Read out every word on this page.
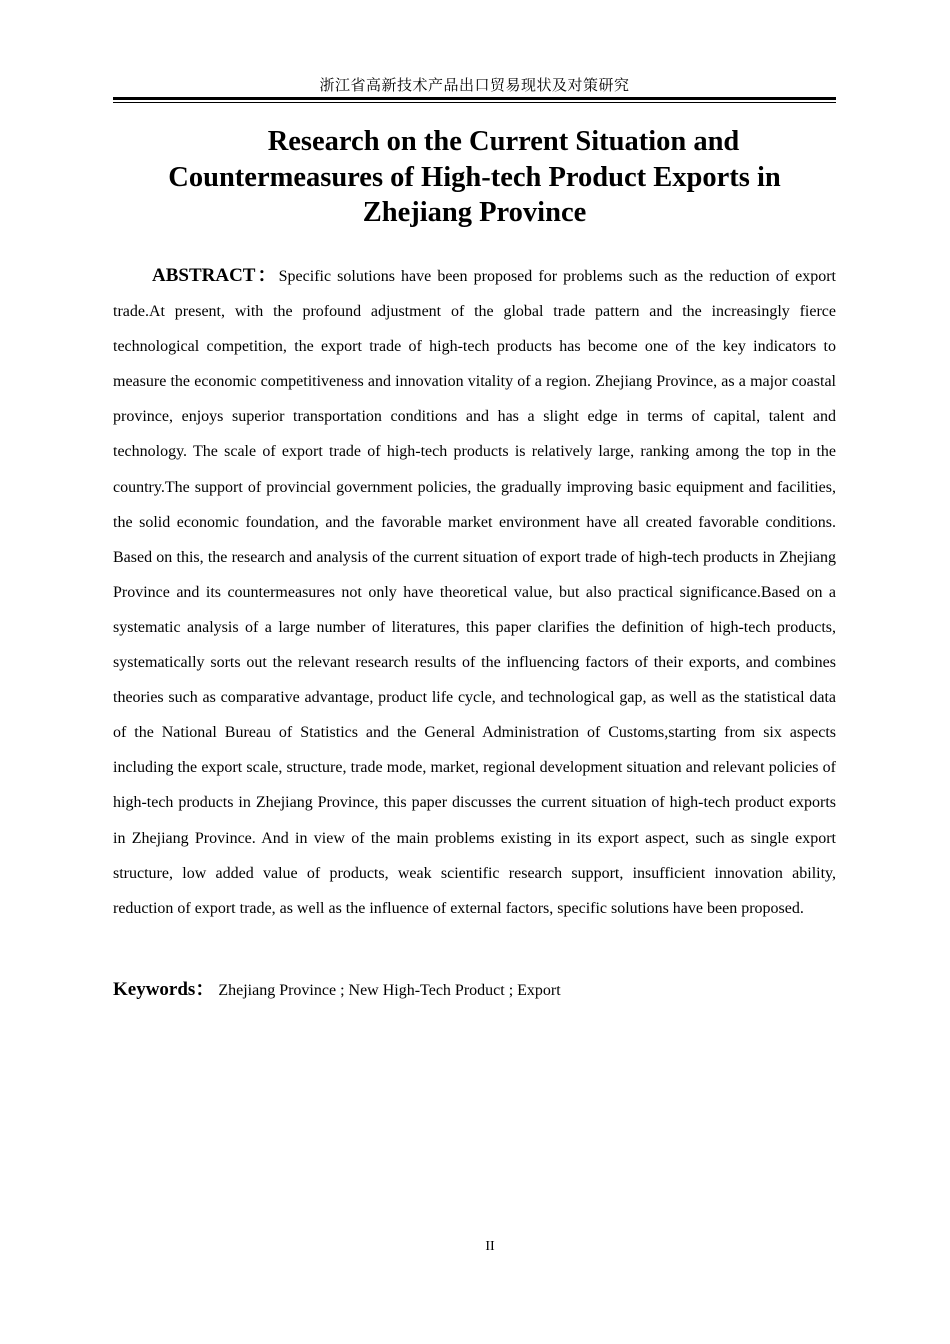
浙江省高新技术产品出口贸易现状及对策研究
Research on the Current Situation and
Countermeasures of High-tech Product Exports in
Zhejiang Province

ABSTRACT：Specific solutions have been proposed for problems such as the reduction of export trade.At present, with the profound adjustment of the global trade pattern and the increasingly fierce technological competition, the export trade of high-tech products has become one of the key indicators to measure the economic competitiveness and innovation vitality of a region. Zhejiang Province, as a major coastal province, enjoys superior transportation conditions and has a slight edge in terms of capital, talent and technology. The scale of export trade of high-tech products is relatively large, ranking among the top in the country.The support of provincial government policies, the gradually improving basic equipment and facilities, the solid economic foundation, and the favorable market environment have all created favorable conditions. Based on this, the research and analysis of the current situation of export trade of high-tech products in Zhejiang Province and its countermeasures not only have theoretical value, but also practical significance.Based on a systematic analysis of a large number of literatures, this paper clarifies the definition of high-tech products, systematically sorts out the relevant research results of the influencing factors of their exports, and combines theories such as comparative advantage, product life cycle, and technological gap, as well as the statistical data of the National Bureau of Statistics and the General Administration of Customs,starting from six aspects including the export scale, structure, trade mode, market, regional development situation and relevant policies of high-tech products in Zhejiang Province, this paper discusses the current situation of high-tech product exports in Zhejiang Province. And in view of the main problems existing in its export aspect, such as single export structure, low added value of products, weak scientific research support, insufficient innovation ability, reduction of export trade, as well as the influence of external factors, specific solutions have been proposed.

Keywords： Zhejiang Province ; New High-Tech Product ; Export

II
